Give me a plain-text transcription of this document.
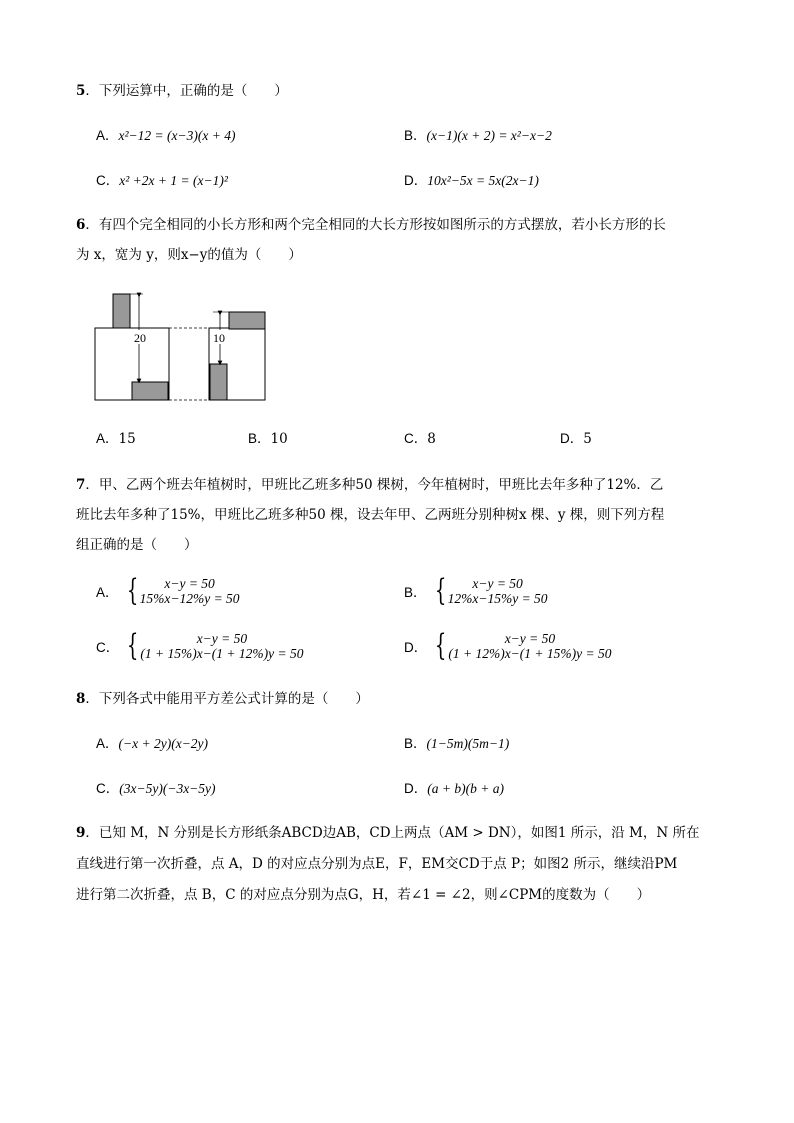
5．下列运算中，正确的是（　　）
A．x²−12 = (x−3)(x + 4)	B．(x−1)(x + 2) = x²−x−2
C．x² +2x + 1 = (x−1)²	D．10x²−5x = 5x(2x−1)
6．有四个完全相同的小长方形和两个完全相同的大长方形按如图所示的方式摆放，若小长方形的长
为 x，宽为 y，则x−y的值为（　　）
20	10
A．15	B．10	C．8	D．5
7．甲、乙两个班去年植树时，甲班比乙班多种50 棵树，今年植树时，甲班比去年多种了12%．乙
班比去年多种了15%，甲班比乙班多种50 棵，设去年甲、乙两班分别种树x 棵、y 棵，则下列方程
组正确的是（　　）
A． { x−y = 50
15%x−12%y = 50	B． { x−y = 50
12%x−15%y = 50
C． {	x−y = 50
(1 + 15%)x−(1 + 12%)y = 50	D． {	x−y = 50
(1 + 12%)x−(1 + 15%)y = 50
8．下列各式中能用平方差公式计算的是（　　）
A．(−x + 2y)(x−2y)	B．(1−5m)(5m−1)
C．(3x−5y)(−3x−5y)	D．(a + b)(b + a)
9．已知 M，N 分别是长方形纸条ABCD边AB，CD上两点（AM > DN），如图1 所示，沿 M，N 所在
直线进行第一次折叠，点 A，D 的对应点分别为点E，F，EM交CD于点 P；如图2 所示，继续沿PM
进行第二次折叠，点 B，C 的对应点分别为点G，H，若∠1 = ∠2，则∠CPM的度数为（　　）
